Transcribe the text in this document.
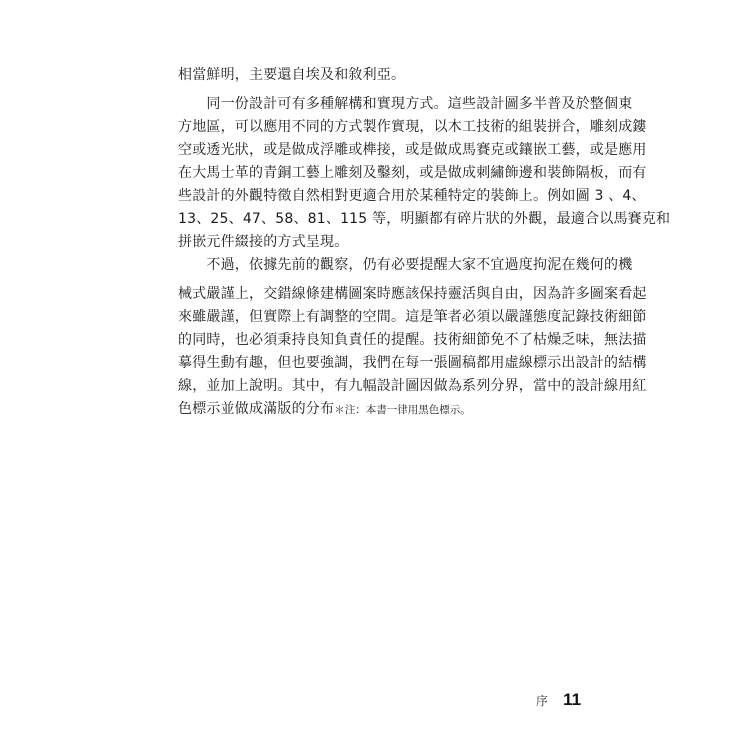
相當鮮明，主要還自埃及和敘利亞。
　　同一份設計可有多種解構和實現方式。這些設計圖多半普及於整個東
方地區，可以應用不同的方式製作實現，以木工技術的組裝拼合，雕刻成鏤
空或透光狀，或是做成浮雕或榫接，或是做成馬賽克或鑲嵌工藝，或是應用
在大馬士革的青銅工藝上雕刻及鑿刻，或是做成刺繡飾邊和裝飾隔板，而有
些設計的外觀特徵自然相對更適合用於某種特定的裝飾上。例如圖 3 、4、
13、25、47、58、81、115 等，明顯都有碎片狀的外觀，最適合以馬賽克和
拼嵌元件綴接的方式呈現。
　　不過，依據先前的觀察，仍有必要提醒大家不宜過度拘泥在幾何的機
械式嚴謹上，交錯線條建構圖案時應該保持靈活與自由，因為許多圖案看起
來雖嚴謹，但實際上有調整的空間。這是筆者必須以嚴謹態度記錄技術細節
的同時，也必須秉持良知負責任的提醒。技術細節免不了枯燥乏味，無法描
摹得生動有趣，但也要強調，我們在每一張圖稿都用虛線標示出設計的結構
線，並加上說明。其中，有九幅設計圖因做為系列分界，當中的設計線用紅
色標示並做成滿版的分布＊注：本書一律用黑色標示。
序 11
